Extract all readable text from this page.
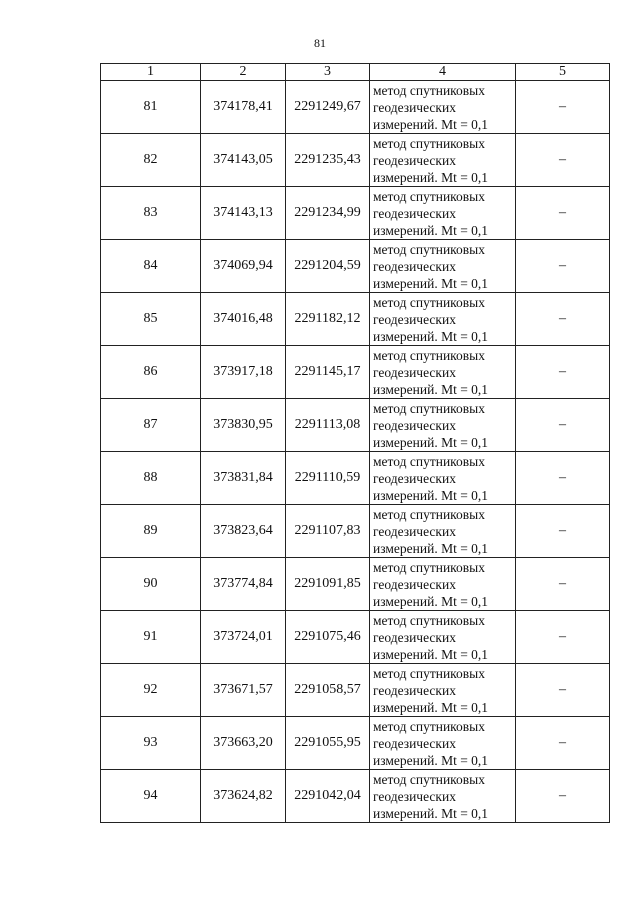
81
1	2	3	4	5
81	374178,41	2291249,67	метод спутниковых
геодезических
измерений. Mt = 0,1	–
82	374143,05	2291235,43	метод спутниковых
геодезических
измерений. Mt = 0,1	–
83	374143,13	2291234,99	метод спутниковых
геодезических
измерений. Mt = 0,1	–
84	374069,94	2291204,59	метод спутниковых
геодезических
измерений. Mt = 0,1	–
85	374016,48	2291182,12	метод спутниковых
геодезических
измерений. Mt = 0,1	–
86	373917,18	2291145,17	метод спутниковых
геодезических
измерений. Mt = 0,1	–
87	373830,95	2291113,08	метод спутниковых
геодезических
измерений. Mt = 0,1	–
88	373831,84	2291110,59	метод спутниковых
геодезических
измерений. Mt = 0,1	–
89	373823,64	2291107,83	метод спутниковых
геодезических
измерений. Mt = 0,1	–
90	373774,84	2291091,85	метод спутниковых
геодезических
измерений. Mt = 0,1	–
91	373724,01	2291075,46	метод спутниковых
геодезических
измерений. Mt = 0,1	–
92	373671,57	2291058,57	метод спутниковых
геодезических
измерений. Mt = 0,1	–
93	373663,20	2291055,95	метод спутниковых
геодезических
измерений. Mt = 0,1	–
94	373624,82	2291042,04	метод спутниковых
геодезических
измерений. Mt = 0,1	–
